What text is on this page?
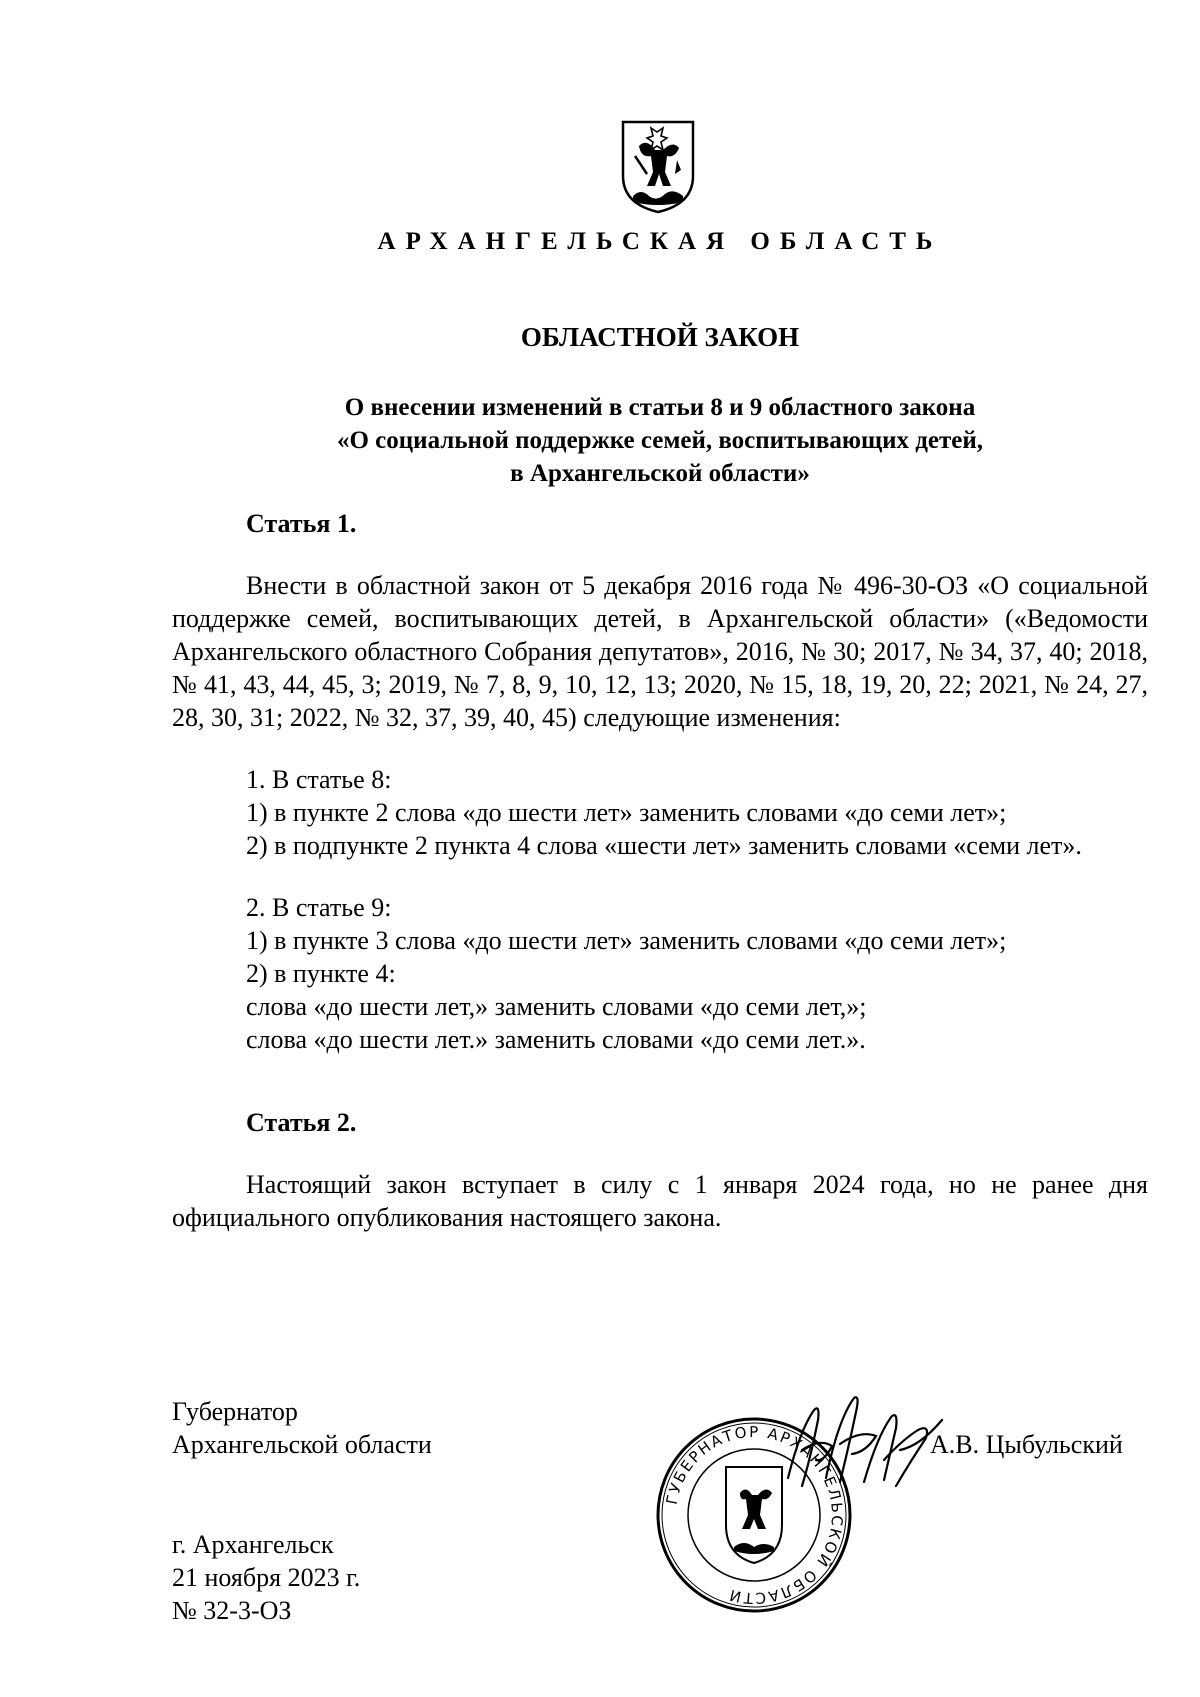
АРХАНГЕЛЬСКАЯ ОБЛАСТЬ
ОБЛАСТНОЙ ЗАКОН
О внесении изменений в статьи 8 и 9 областного закона
«О социальной поддержке семей, воспитывающих детей,
в Архангельской области»
Статья 1.

Внести в областной закон от 5 декабря 2016 года № 496-30-ОЗ «О социальной поддержке семей, воспитывающих детей, в Архангельской области» («Ведомости Архангельского областного Собрания депутатов», 2016, № 30; 2017, № 34, 37, 40; 2018, № 41, 43, 44, 45, 3; 2019, № 7, 8, 9, 10, 12, 13; 2020, № 15, 18, 19, 20, 22; 2021, № 24, 27, 28, 30, 31; 2022, № 32, 37, 39, 40, 45) следующие изменения:

1. В статье 8:

1) в пункте 2 слова «до шести лет» заменить словами «до семи лет»;

2) в подпункте 2 пункта 4 слова «шести лет» заменить словами «семи лет».

2. В статье 9:

1) в пункте 3 слова «до шести лет» заменить словами «до семи лет»;

2) в пункте 4:

слова «до шести лет,» заменить словами «до семи лет,»;

слова «до шести лет.» заменить словами «до семи лет.».

Статья 2.

Настоящий закон вступает в силу с 1 января 2024 года, но не ранее дня официального опубликования настоящего закона.

Губернатор
Архангельской области
ГУБЕРНАТОР АРХАНГЕЛЬСКОЙ ОБЛАСТИ
А.В. Цыбульский
г. Архангельск
21 ноября 2023 г.
№ 32-3-ОЗ
